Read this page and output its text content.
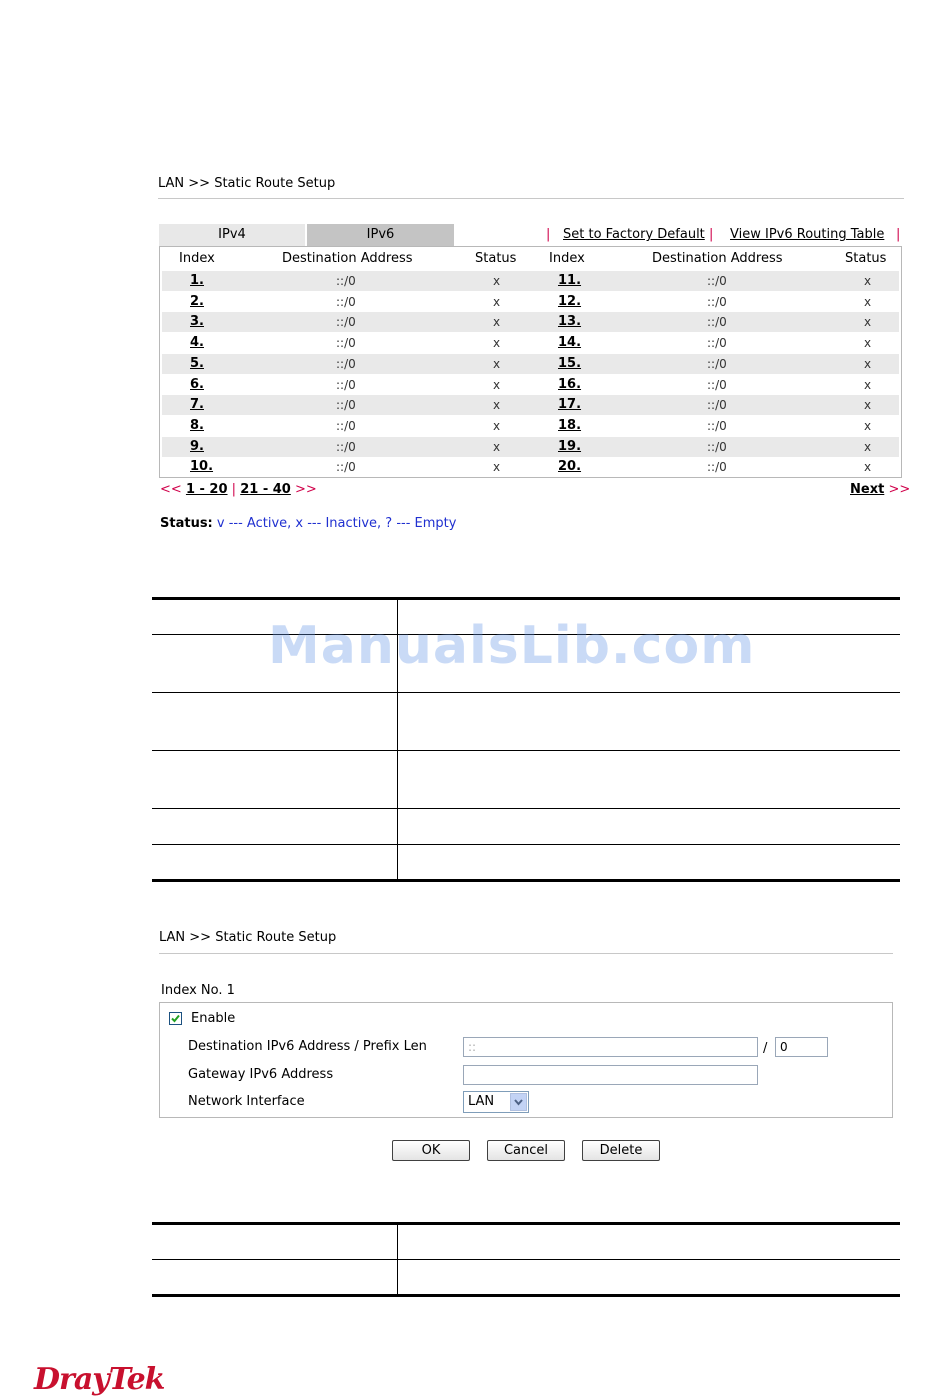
LAN >> Static Route Setup
IPv4	IPv6	| Set to Factory Default | View IPv6 Routing Table |
Index	Destination Address	Status	Index	Destination Address	Status
1.	::/0	x	11.	::/0	x
2.	::/0	x	12.	::/0	x
3.	::/0	x	13.	::/0	x
4.	::/0	x	14.	::/0	x
5.	::/0	x	15.	::/0	x
6.	::/0	x	16.	::/0	x
7.	::/0	x	17.	::/0	x
8.	::/0	x	18.	::/0	x
9.	::/0	x	19.	::/0	x
10.	::/0	x	20.	::/0	x
<< 1 - 20 | 21 - 40 >>	Next >>
Status: v --- Active, x --- Inactive, ? --- Empty
ManualsLib.com
LAN >> Static Route Setup
Index No. 1
Enable
Destination IPv6 Address / Prefix Len	::	/	0
Gateway IPv6 Address
Network Interface	LAN
OK	Cancel	Delete
DrayTek
